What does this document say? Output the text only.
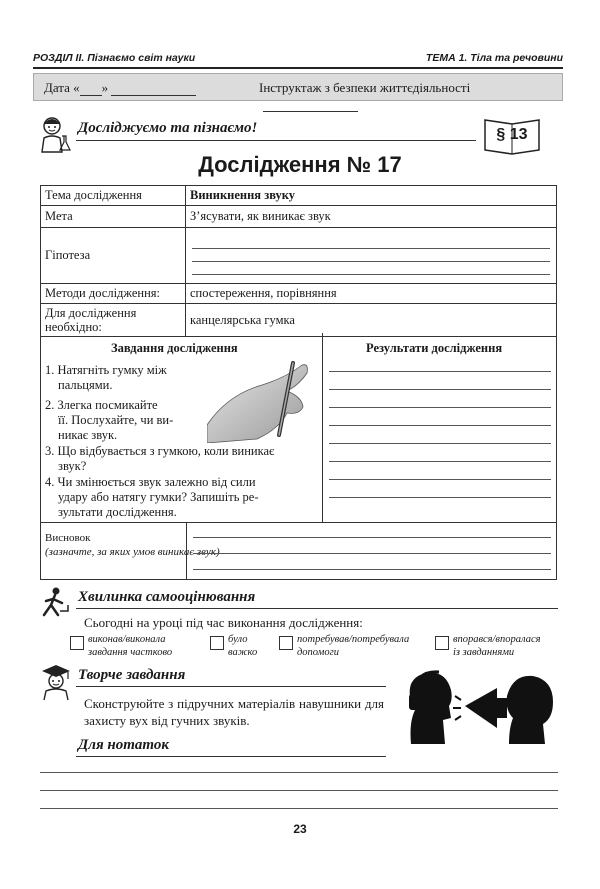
РОЗДІЛ ІІ. Пізнаємо світ науки	ТЕМА 1. Тіла та речовини
Дата « »	Інструктаж з безпеки життєдіяльності
Досліджуємо та пізнаємо!	§ 13
Дослідження № 17
Тема дослідження	Виникнення звуку
Мета	З’ясувати, як виникає звук
Гіпотеза	

Методи дослідження:	спостереження, порівняння
Для дослідження необхідно:	канцелярська гумка
Завдання дослідження	Результати дослідження
1. Натягніть гумку між
пальцями.
2. Злегка посмикайте
її. Послухайте, чи ви-
никає звук.
3. Що відбувається з гумкою, коли виникає
звук?
4. Чи змінюється звук залежно від сили
удару або натягу гумки? Запишіть ре-
зультати дослідження.
Висновок
(зазначте, за яких умов виникає звук)
Хвилинка самооцінювання
Сьогодні на уроці під час виконання дослідження:
виконав/виконала
завдання частково
було
важко
потребував/потребувала
допомоги
впорався/впоралася
із завданнями
Творче завдання
Сконструюйте з підручних матеріалів навушники для захисту вух від гучних звуків.
Для нотаток
23
